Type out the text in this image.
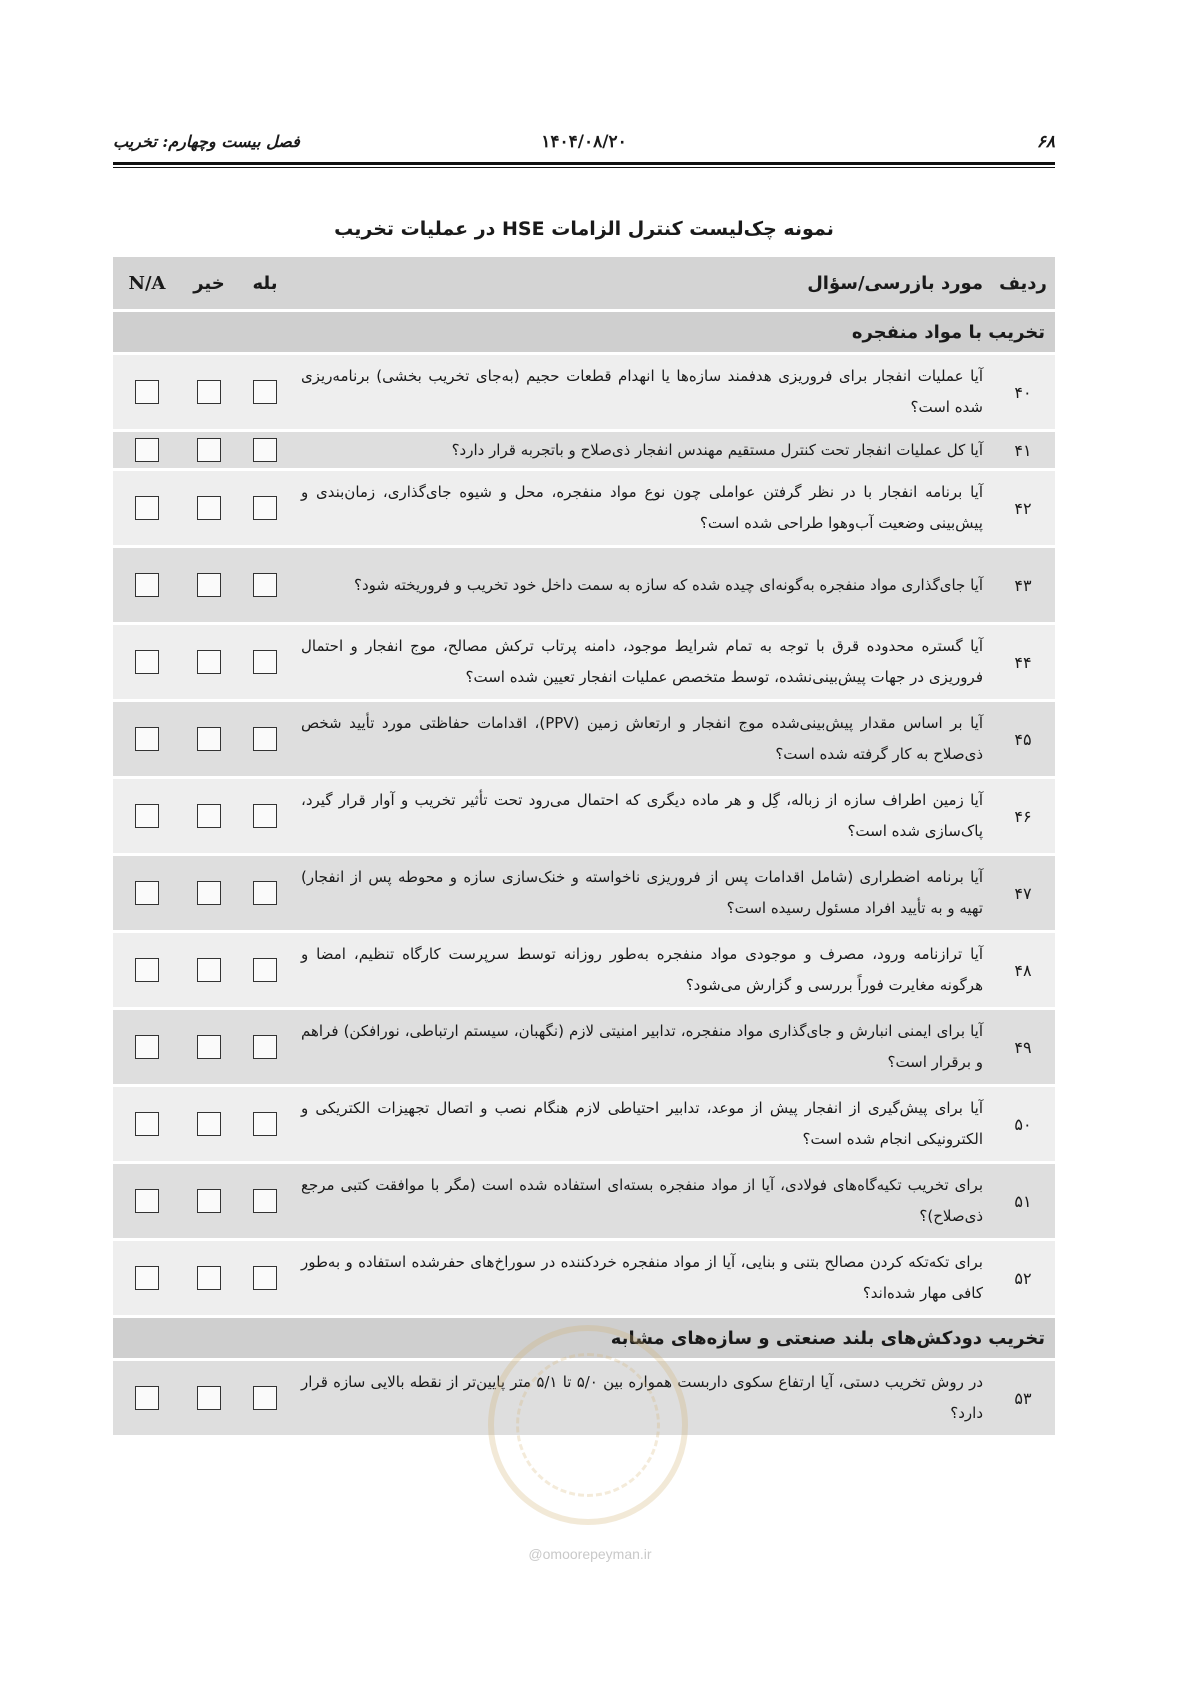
۶۸
۱۴۰۴/۰۸/۲۰
فصل بیست وچهارم: تخریب
نمونه چک‌لیست کنترل الزامات HSE در عملیات تخریب
ردیف	مورد بازرسی/سؤال	بله	خیر	N/A
تخریب با مواد منفجره				
۴۰	آیا عملیات انفجار برای فروریزی هدفمند سازه‌ها یا انهدام قطعات حجیم (به‌جای تخریب بخشی) برنامه‌ریزی شده است؟			
۴۱	آیا کل عملیات انفجار تحت کنترل مستقیم مهندس انفجار ذی‌صلاح و باتجربه قرار دارد؟			
۴۲	آیا برنامه انفجار با در نظر گرفتن عواملی چون نوع مواد منفجره، محل و شیوه جای‌گذاری، زمان‌بندی و پیش‌بینی وضعیت آب‌وهوا طراحی شده است؟			
۴۳	آیا جای‌گذاری مواد منفجره به‌گونه‌ای چیده شده که سازه به سمت داخل خود تخریب و فروریخته شود؟			
۴۴	آیا گستره محدوده قرق با توجه به تمام شرایط موجود، دامنه پرتاب ترکش مصالح، موج انفجار و احتمال فروریزی در جهات پیش‌بینی‌نشده، توسط متخصص عملیات انفجار تعیین شده است؟			
۴۵	آیا بر اساس مقدار پیش‌بینی‌شده موج انفجار و ارتعاش زمین (PPV)، اقدامات حفاظتی مورد تأیید شخص ذی‌صلاح به کار گرفته شده است؟			
۴۶	آیا زمین اطراف سازه از زباله، گِل و هر ماده دیگری که احتمال می‌رود تحت تأثیر تخریب و آوار قرار گیرد، پاک‌سازی شده است؟			
۴۷	آیا برنامه اضطراری (شامل اقدامات پس از فروریزی ناخواسته و خنک‌سازی سازه و محوطه پس از انفجار) تهیه و به تأیید افراد مسئول رسیده است؟			
۴۸	آیا ترازنامه ورود، مصرف و موجودی مواد منفجره به‌طور روزانه توسط سرپرست کارگاه تنظیم، امضا و هرگونه مغایرت فوراً بررسی و گزارش می‌شود؟			
۴۹	آیا برای ایمنی انبارش و جای‌گذاری مواد منفجره، تدابیر امنیتی لازم (نگهبان، سیستم ارتباطی، نورافکن) فراهم و برقرار است؟			
۵۰	آیا برای پیش‌گیری از انفجار پیش از موعد، تدابیر احتیاطی لازم هنگام نصب و اتصال تجهیزات الکتریکی و الکترونیکی انجام شده است؟			
۵۱	برای تخریب تکیه‌گاه‌های فولادی، آیا از مواد منفجره بسته‌ای استفاده شده است (مگر با موافقت کتبی مرجع ذی‌صلاح)؟			
۵۲	برای تکه‌تکه کردن مصالح بتنی و بنایی، آیا از مواد منفجره خردکننده در سوراخ‌های حفرشده استفاده و به‌طور کافی مهار شده‌اند؟			
تخریب دودکش‌های بلند صنعتی و سازه‌های مشابه				
۵۳	در روش تخریب دستی، آیا ارتفاع سکوی داربست همواره بین ۵/۰ تا ۵/۱ متر پایین‌تر از نقطه بالایی سازه قرار دارد؟			
@omoorepeyman.ir
